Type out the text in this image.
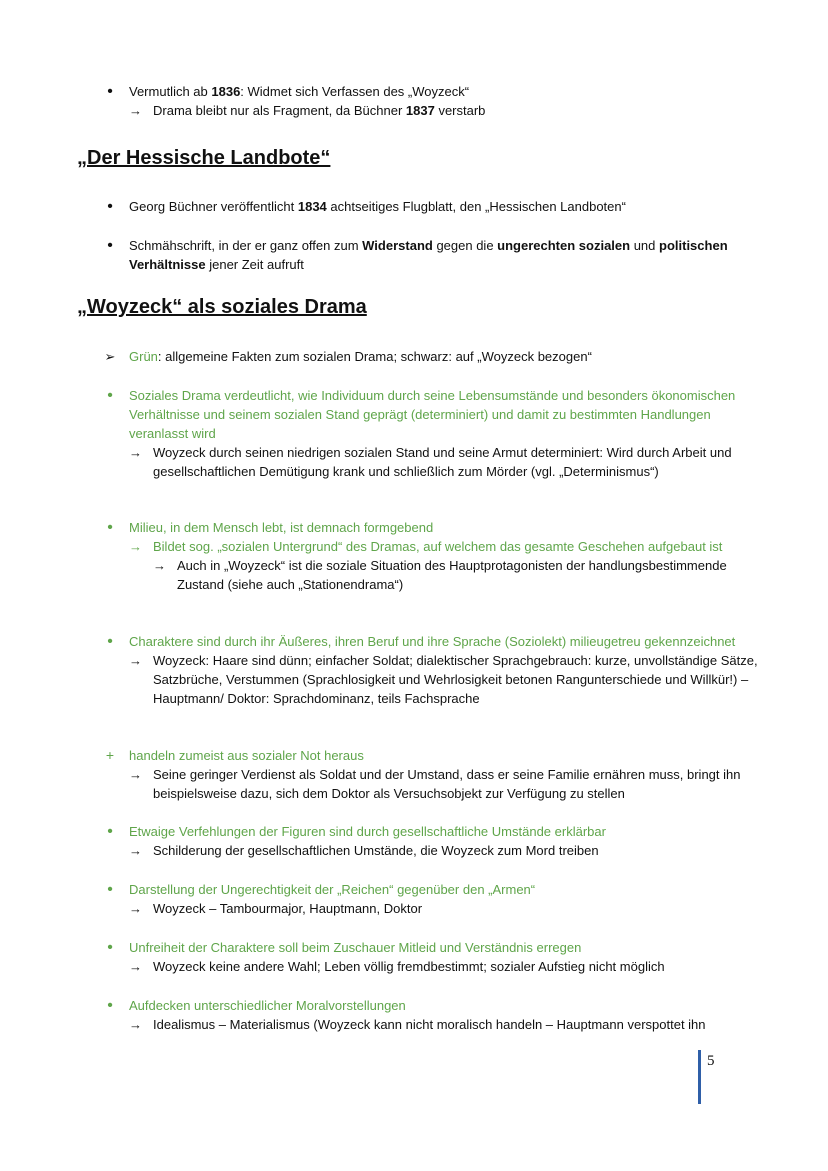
•	Vermutlich ab 1836: Widmet sich Verfassen des „Woyzeck“
→ Drama bleibt nur als Fragment, da Büchner 1837 verstarb
„Der Hessische Landbote“
•	Georg Büchner veröffentlicht 1834 achtseitiges Flugblatt, den „Hessischen Landboten“
•	Schmähschrift, in der er ganz offen zum Widerstand gegen die ungerechten sozialen und politischen Verhältnisse jener Zeit aufruft
„Woyzeck“ als soziales Drama
➢ Grün: allgemeine Fakten zum sozialen Drama; schwarz: auf „Woyzeck bezogen“
•	Soziales Drama verdeutlicht, wie Individuum durch seine Lebensumstände und besonders ökonomischen Verhältnisse und seinem sozialen Stand geprägt (determiniert) und damit zu bestimmten Handlungen veranlasst wird
→ Woyzeck durch seinen niedrigen sozialen Stand und seine Armut determiniert: Wird durch Arbeit und gesellschaftlichen Demütigung krank und schließlich zum Mörder (vgl. „Determinismus“)
•	Milieu, in dem Mensch lebt, ist demnach formgebend
→ Bildet sog. „sozialen Untergrund“ des Dramas, auf welchem das gesamte Geschehen aufgebaut ist
→ Auch in „Woyzeck“ ist die soziale Situation des Hauptprotagonisten der handlungsbestimmende Zustand (siehe auch „Stationendrama“)
•	Charaktere sind durch ihr Äußeres, ihren Beruf und ihre Sprache (Soziolekt) milieugetreu gekennzeichnet
→ Woyzeck: Haare sind dünn; einfacher Soldat; dialektischer Sprachgebrauch: kurze, unvollständige Sätze, Satzbrüche, Verstummen (Sprachlosigkeit und Wehrlosigkeit betonen Rangunterschiede und Willkür!) – Hauptmann/ Doktor: Sprachdominanz, teils Fachsprache
+ handeln zumeist aus sozialer Not heraus
→ Seine geringer Verdienst als Soldat und der Umstand, dass er seine Familie ernähren muss, bringt ihn beispielsweise dazu, sich dem Doktor als Versuchsobjekt zur Verfügung zu stellen
•	Etwaige Verfehlungen der Figuren sind durch gesellschaftliche Umstände erklärbar
→ Schilderung der gesellschaftlichen Umstände, die Woyzeck zum Mord treiben
•	Darstellung der Ungerechtigkeit der „Reichen“ gegenüber den „Armen“
→ Woyzeck – Tambourmajor, Hauptmann, Doktor
•	Unfreiheit der Charaktere soll beim Zuschauer Mitleid und Verständnis erregen
→ Woyzeck keine andere Wahl; Leben völlig fremdbestimmt; sozialer Aufstieg nicht möglich
•	Aufdecken unterschiedlicher Moralvorstellungen
→ Idealismus – Materialismus (Woyzeck kann nicht moralisch handeln – Hauptmann verspottet ihn
5
